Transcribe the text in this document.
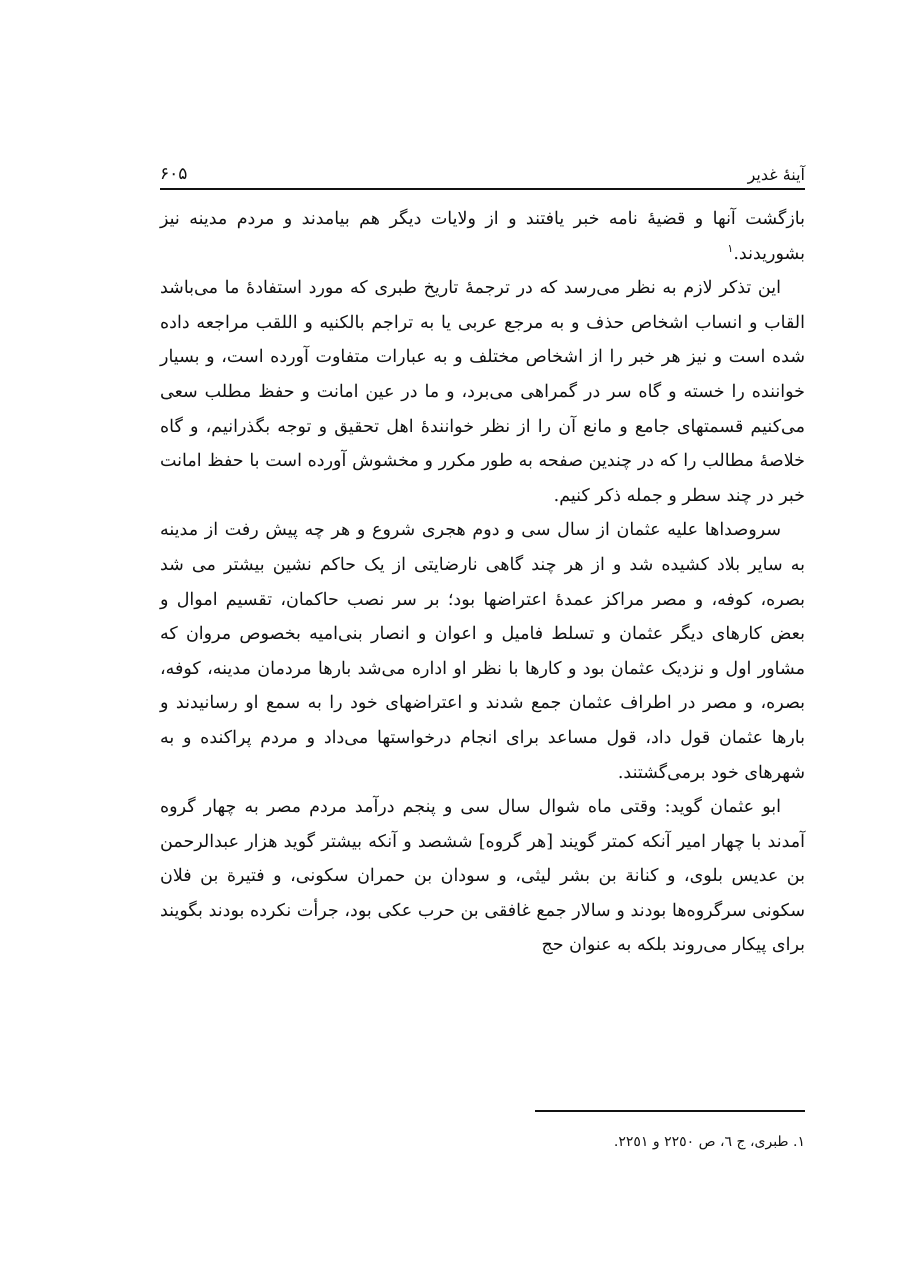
آينهٔ غدير
۶۰۵

بازگشت آنها و قضيهٔ نامه خبر يافتند و از ولايات ديگر هم بيامدند و مردم مدينه نيز بشوريدند.$^١$

اين تذكر لازم به نظر مى‌رسد كه در ترجمهٔ تاريخ طبرى كه مورد استفادهٔ ما مى‌باشد القاب و انساب اشخاص حذف و به مرجع عربى يا به تراجم بالكنيه و اللقب مراجعه داده شده است و نيز هر خبر را از اشخاص مختلف و به عبارات متفاوت آورده است، و بسيار خواننده را خسته و گاه سر در گمراهى مى‌برد، و ما در عين امانت و حفظ مطلب سعى مى‌كنيم قسمتهاى جامع و مانع آن را از نظر خوانندهٔ اهل تحقيق و توجه بگذرانيم، و گاه خلاصهٔ مطالب را كه در چندين صفحه به طور مكرر و مخشوش آورده است با حفظ امانت خبر در چند سطر و جمله ذكر كنيم.

سروصداها عليه عثمان از سال سى و دوم هجرى شروع و هر چه پيش رفت از مدينه به ساير بلاد كشيده شد و از هر چند گاهى نارضايتى از يک حاكم نشين بيشتر مى شد بصره، كوفه، و مصر مراكز عمدهٔ اعتراضها بود؛ بر سر نصب حاكمان، تقسيم اموال و بعض كارهاى ديگر عثمان و تسلط فاميل و اعوان و انصار بنى‌اميه بخصوص مروان كه مشاور اول و نزديک عثمان بود و كارها با نظر او اداره مى‌شد بارها مردمان مدينه، كوفه، بصره، و مصر در اطراف عثمان جمع شدند و اعتراضهاى خود را به سمع او رسانيدند و بارها عثمان قول داد، قول مساعد براى انجام درخواستها مى‌داد و مردم پراكنده و به شهرهاى خود برمى‌گشتند.

ابو عثمان گويد: وقتى ماه شوال سال سى و پنجم درآمد مردم مصر به چهار گروه آمدند با چهار امير آنكه كمتر گويند [هر گروه] ششصد و آنكه بيشتر گويد هزار عبدالرحمن بن عديس بلوى، و كنانة بن بشر ليثى، و سودان بن حمران سكونى، و فتيرة بن فلان سكونى سرگروه‌ها بودند و سالار جمع غافقى بن حرب عكى بود، جرأت نكرده بودند بگويند براى پيكار مى‌روند بلكه به عنوان حج

١. طبرى، ج ٦، ص ٢٢٥٠ و ٢٢٥١.
